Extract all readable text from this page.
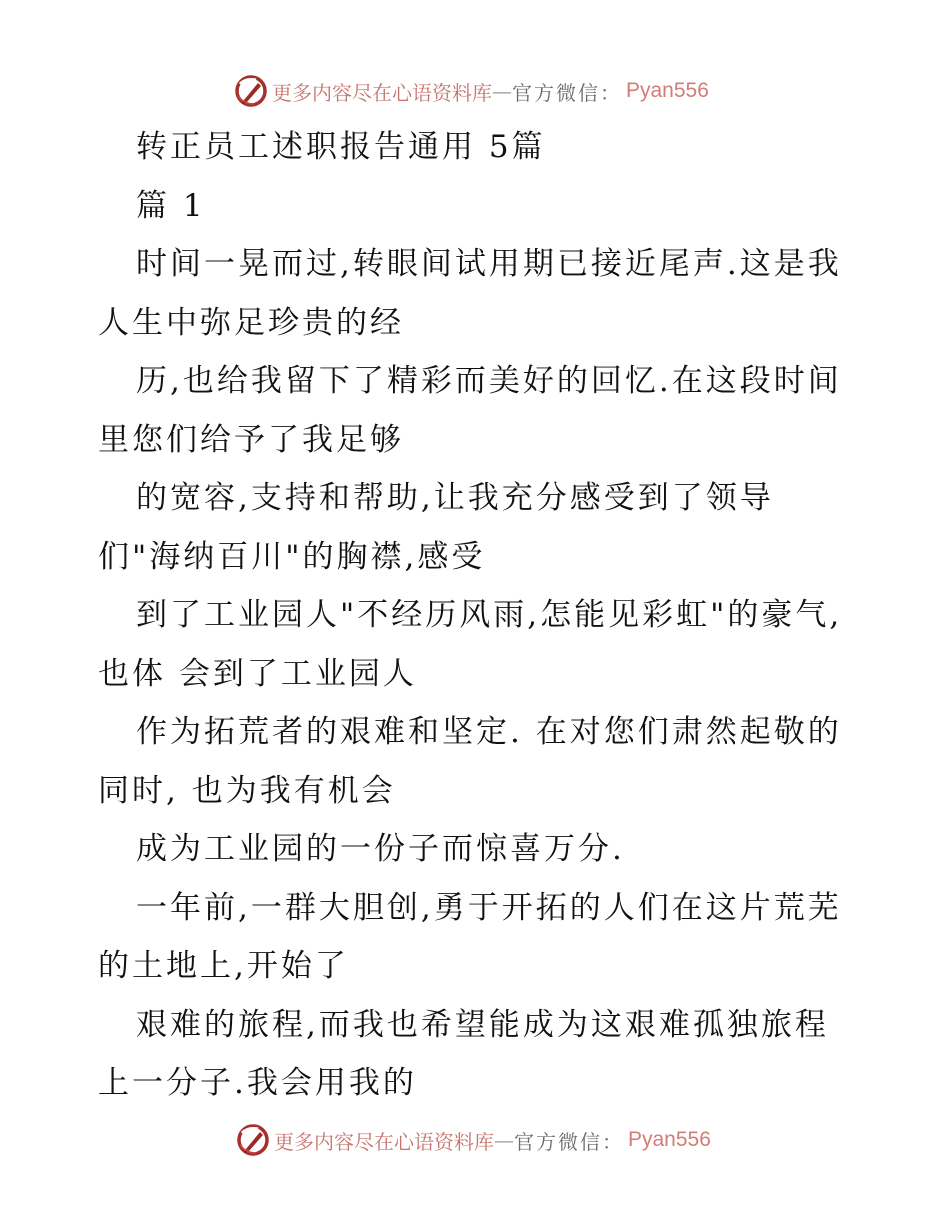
更多内容尽在心语资料库 — 官方微信： Pyan556
转正员工述职报告通用 5篇
篇 1
时间一晃而过,转眼间试用期已接近尾声.这是我
人生中弥足珍贵的经
历,也给我留下了精彩而美好的回忆.在这段时间
里您们给予了我足够
的宽容,支持和帮助,让我充分感受到了领导
们"海纳百川"的胸襟,感受
到了工业园人"不经历风雨,怎能见彩虹"的豪气,
也体 会到了工业园人
作为拓荒者的艰难和坚定. 在对您们肃然起敬的
同时, 也为我有机会
成为工业园的一份子而惊喜万分.
一年前,一群大胆创,勇于开拓的人们在这片荒芜
的土地上,开始了
艰难的旅程,而我也希望能成为这艰难孤独旅程
上一分子.我会用我的
更多内容尽在心语资料库 — 官方微信： Pyan556
